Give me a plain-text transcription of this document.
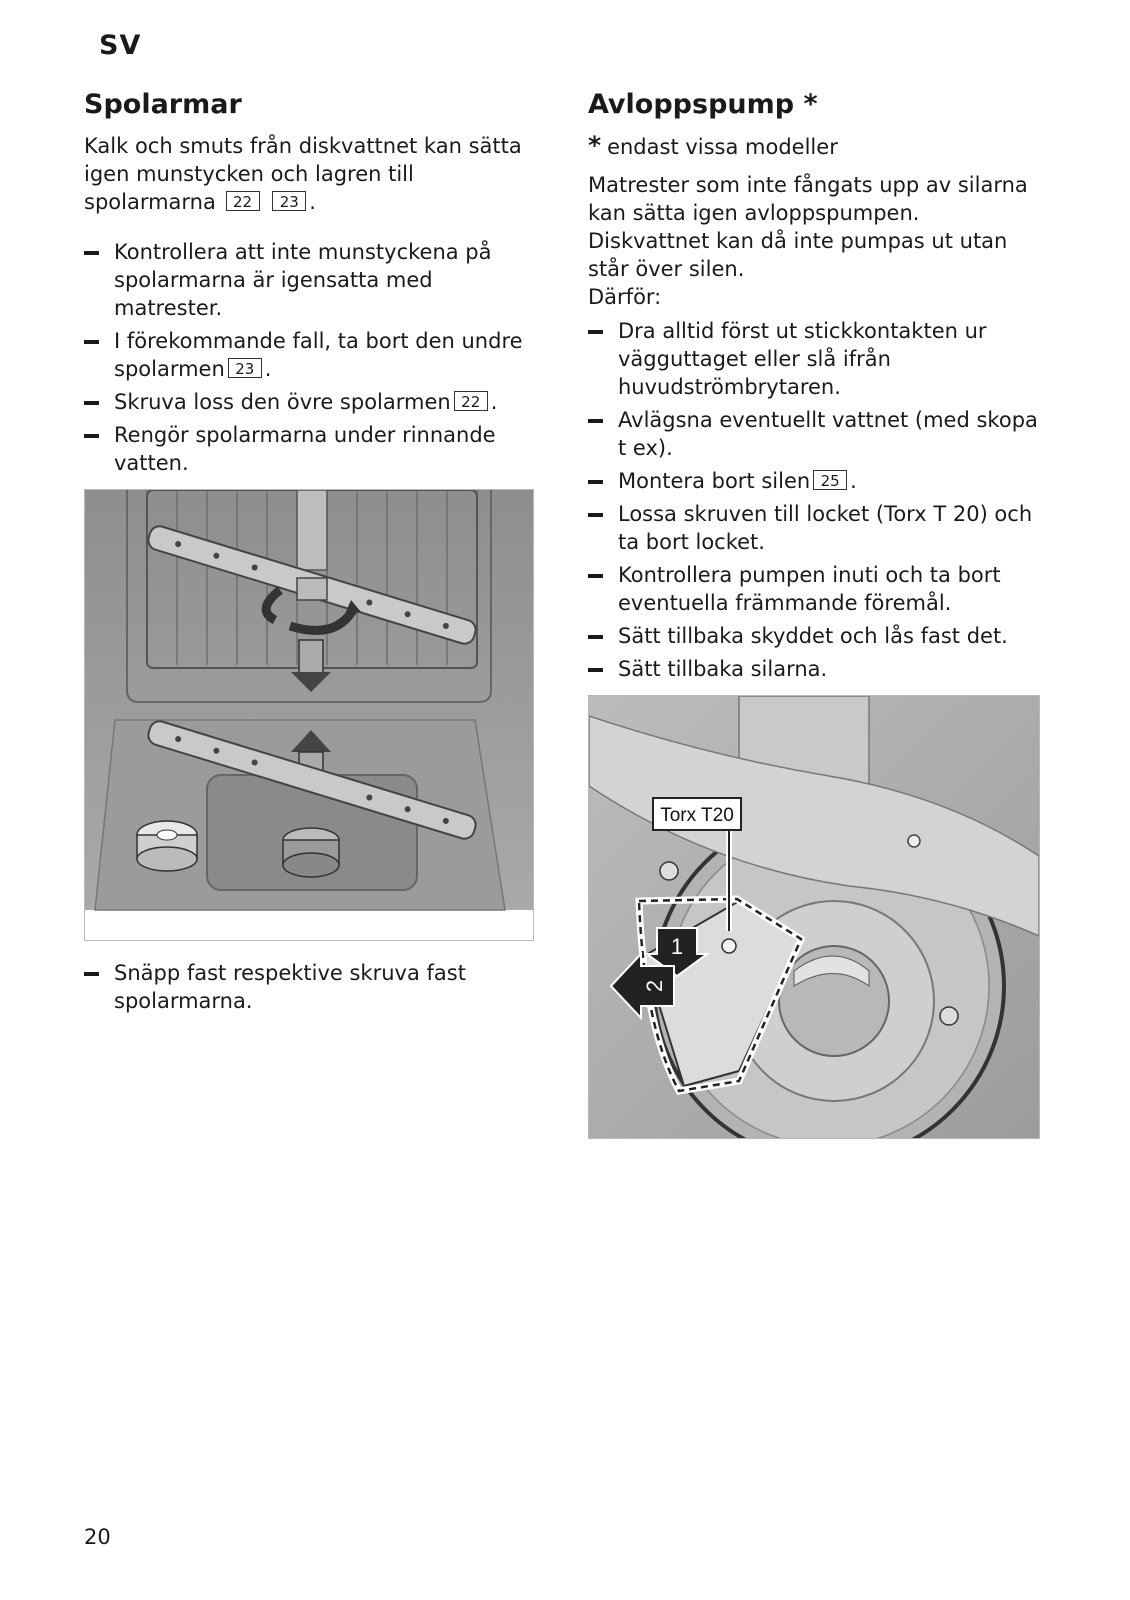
SV
Spolarmar

Kalk och smuts från diskvattnet kan sätta igen munstycken och lagren till spolarmarna 22 23 .

Kontrollera att inte munstyckena på spolarmarna är igensatta med matrester.
I förekommande fall, ta bort den undre spolarmen 23 .
Skruva loss den övre spolarmen 22 .
Rengör spolarmarna under rinnande vatten.
Snäpp fast respektive skruva fast spolarmarna.
Avloppspump *
* endast vissa modeller

Matrester som inte fångats upp av silarna kan sätta igen avloppspumpen. Diskvattnet kan då inte pumpas ut utan står över silen.

Därför:

Dra alltid först ut stickkontakten ur vägguttaget eller slå ifrån huvudströmbrytaren.
Avlägsna eventuellt vattnet (med skopa t ex).
Montera bort silen 25 .
Lossa skruven till locket (Torx T 20) och ta bort locket.
Kontrollera pumpen inuti och ta bort eventuella främmande föremål.
Sätt tillbaka skyddet och lås fast det.
Sätt tillbaka silarna.
Torx T20
1
2
20
